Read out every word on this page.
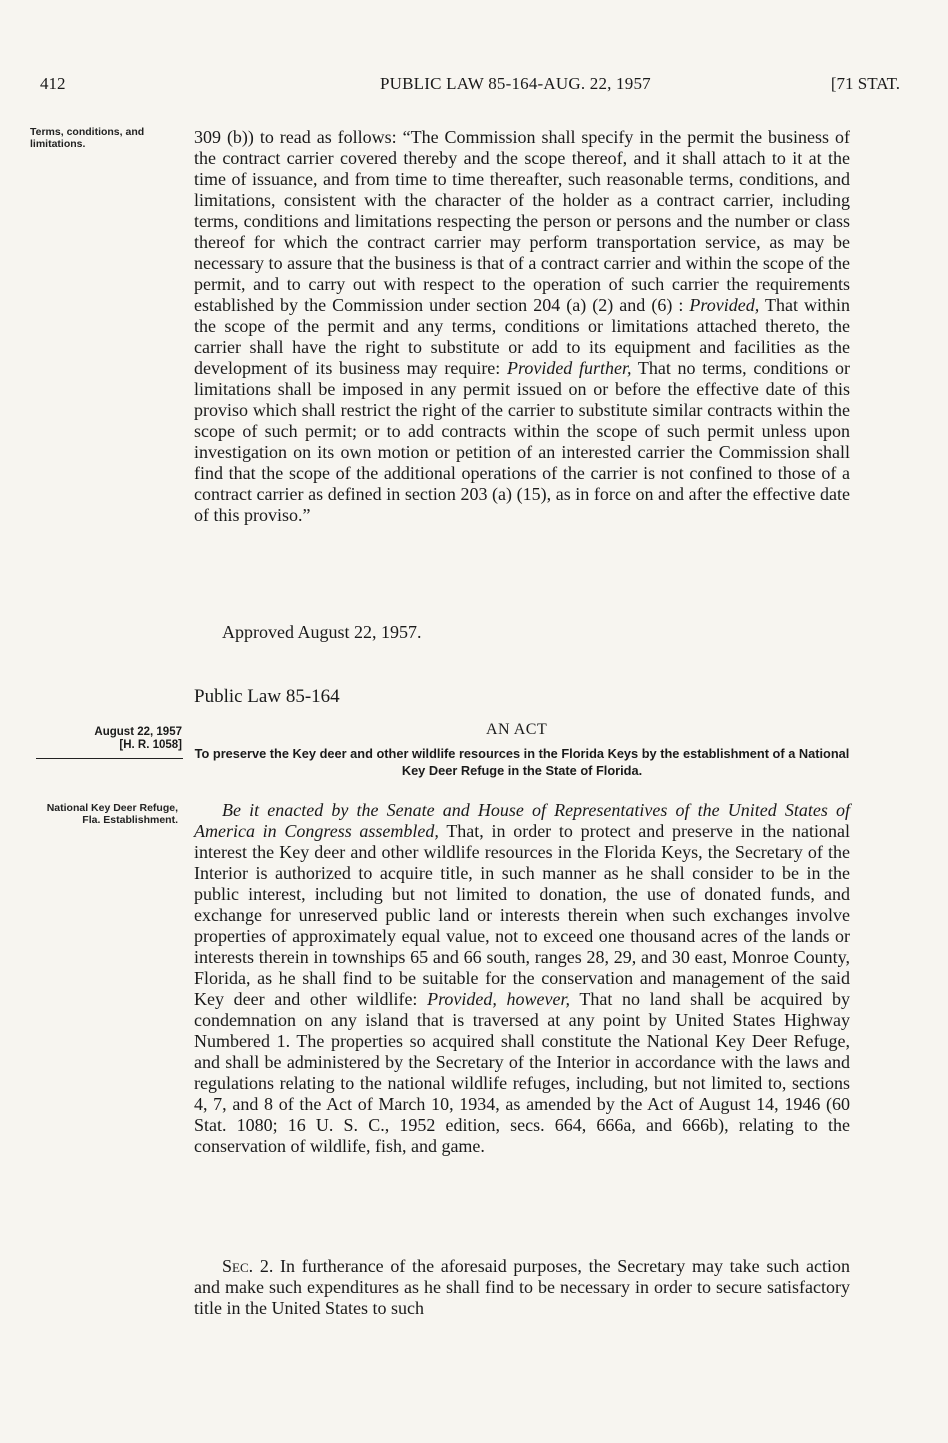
412	PUBLIC LAW 85-164-AUG. 22, 1957	[71 STAT.
Terms, conditions, and limitations.	309 (b)) to read as follows: “The Commission shall specify in the permit the business of the contract carrier covered thereby and the scope thereof, and it shall attach to it at the time of issuance, and from time to time thereafter, such reasonable terms, conditions, and limitations, consistent with the character of the holder as a contract carrier, including terms, conditions and limitations respecting the person or persons and the number or class thereof for which the contract carrier may perform transportation service, as may be necessary to assure that the business is that of a contract carrier and within the scope of the permit, and to carry out with respect to the operation of such carrier the requirements established by the Commission under section 204 (a) (2) and (6) : Provided, That within the scope of the permit and any terms, conditions or limitations attached thereto, the carrier shall have the right to substitute or add to its equipment and facilities as the development of its business may require: Provided further, That no terms, conditions or limitations shall be imposed in any permit issued on or before the effective date of this proviso which shall restrict the right of the carrier to substitute similar contracts within the scope of such permit; or to add contracts within the scope of such permit unless upon investigation on its own motion or petition of an interested carrier the Commission shall find that the scope of the additional operations of the carrier is not confined to those of a contract carrier as defined in section 203 (a) (15), as in force on and after the effective date of this proviso.”

Approved August 22, 1957.
Public Law 85-164
AN ACT
August 22, 1957
[H. R. 1058]
To preserve the Key deer and other wildlife resources in the Florida Keys by the establishment of a National Key Deer Refuge in the State of Florida.
National Key Deer Refuge, Fla. Establishment.	Be it enacted by the Senate and House of Representatives of the United States of America in Congress assembled, That, in order to protect and preserve in the national interest the Key deer and other wildlife resources in the Florida Keys, the Secretary of the Interior is authorized to acquire title, in such manner as he shall consider to be in the public interest, including but not limited to donation, the use of donated funds, and exchange for unreserved public land or interests therein when such exchanges involve properties of approximately equal value, not to exceed one thousand acres of the lands or interests therein in townships 65 and 66 south, ranges 28, 29, and 30 east, Monroe County, Florida, as he shall find to be suitable for the conservation and management of the said Key deer and other wildlife: Provided, however, That no land shall be acquired by condemnation on any island that is traversed at any point by United States Highway Numbered 1. The properties so acquired shall constitute the National Key Deer Refuge, and shall be administered by the Secretary of the Interior in accordance with the laws and regulations relating to the national wildlife refuges, including, but not limited to, sections 4, 7, and 8 of the Act of March 10, 1934, as amended by the Act of August 14, 1946 (60 Stat. 1080; 16 U. S. C., 1952 edition, secs. 664, 666a, and 666b), relating to the conservation of wildlife, fish, and game.

Sec. 2. In furtherance of the aforesaid purposes, the Secretary may take such action and make such expenditures as he shall find to be necessary in order to secure satisfactory title in the United States to such
